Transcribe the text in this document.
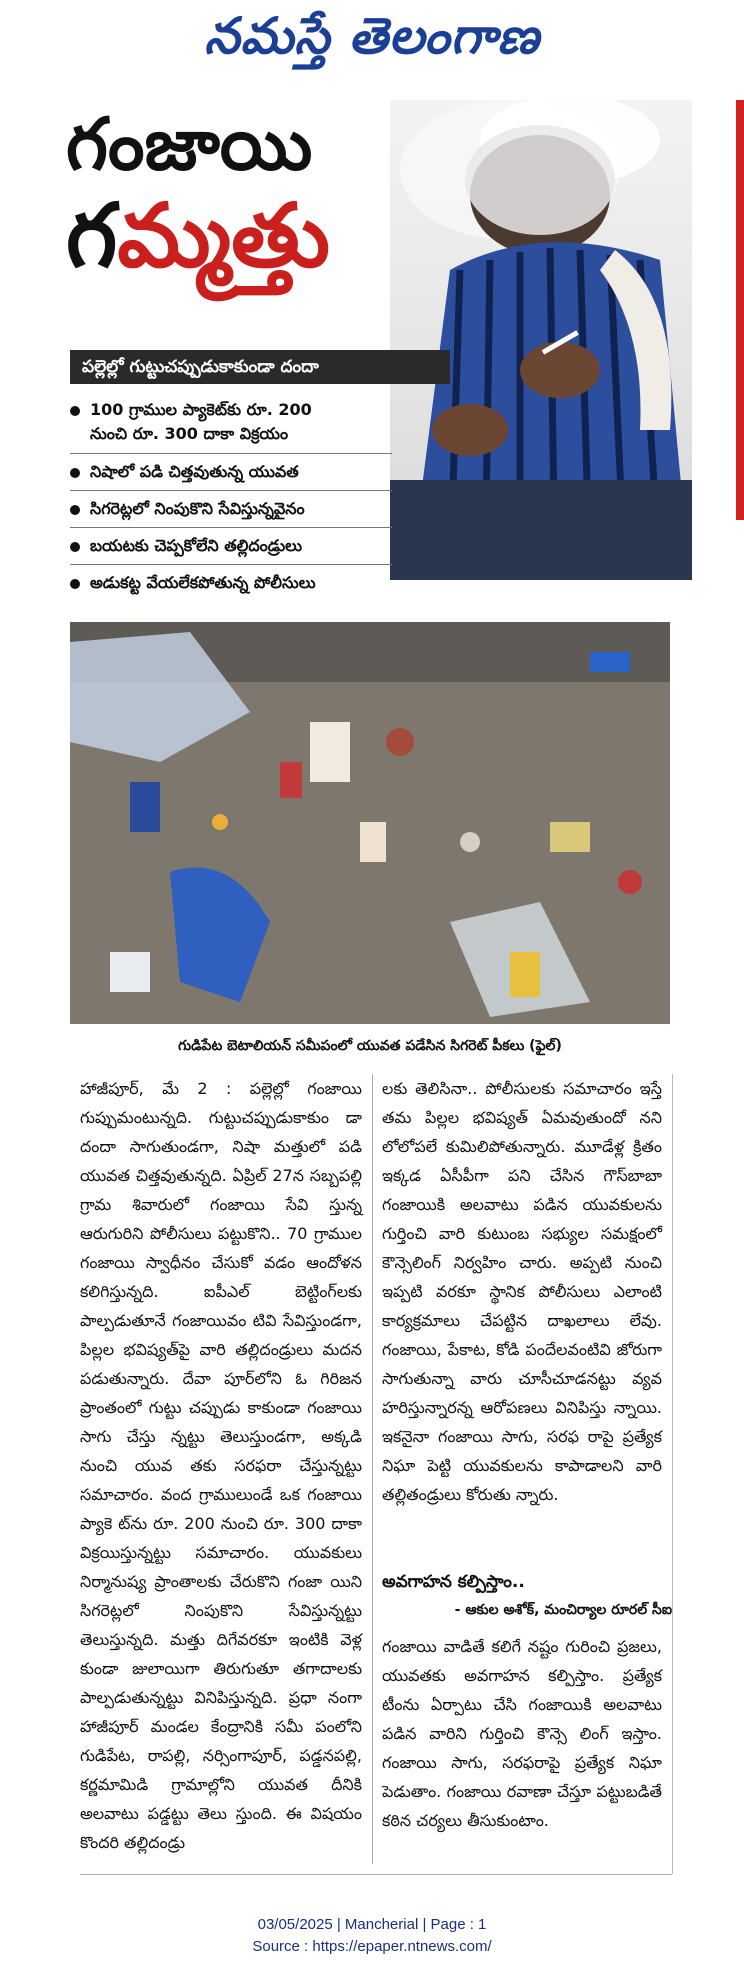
నమస్తే తెలంగాణ
గంజాయి
గమ్మత్తు
పల్లెల్లో గుట్టుచప్పుడుకాకుండా దందా
100 గ్రాముల ప్యాకెట్‌కు రూ. 200
నుంచి రూ. 300 దాకా విక్రయం
నిషాలో పడి చిత్తవుతున్న యువత
సిగరెట్లలో నింపుకొని సేవిస్తున్నవైనం
బయటకు చెప్పకోలేని తల్లిదండ్రులు
అడుకట్ట వేయలేకపోతున్న పోలీసులు
గుడిపేట బెటాలియన్ సమీపంలో యువత పడేసిన సిగరెట్ పీకలు (ఫైల్)
హాజీపూర్, మే 2 : పల్లెల్లో గంజాయి గుప్పుమంటున్నది. గుట్టుచప్పుడుకాకుం డా దందా సాగుతుండగా, నిషా మత్తులో పడి యువత చిత్తవుతున్నది. ఏప్రిల్ 27న సబ్బపల్లి గ్రామ శివారులో గంజాయి సేవి స్తున్న ఆరుగురిని పోలీసులు పట్టుకొని.. 70 గ్రాముల గంజాయి స్వాధీనం చేసుకో వడం ఆందోళన కలిగిస్తున్నది. ఐపీఎల్ బెట్టింగ్‌లకు పాల్పడుతూనే గంజాయివం టివి సేవిస్తుండగా, పిల్లల భవిష్యత్‌పై వారి తల్లిదండ్రులు మదన పడుతున్నారు. దేవా పూర్‌లోని ఓ గిరిజన ప్రాంతంలో గుట్టు చప్పుడు కాకుండా గంజాయి సాగు చేస్తు న్నట్టు తెలుస్తుండగా, అక్కడి నుంచి యువ తకు సరఫరా చేస్తున్నట్టు సమాచారం. వంద గ్రాములుండే ఒక గంజాయి ప్యాకె ట్‌ను రూ. 200 నుంచి రూ. 300 దాకా విక్రయిస్తున్నట్టు సమాచారం. యువకులు నిర్మానుష్య ప్రాంతాలకు చేరుకొని గంజా యిని సిగరెట్లలో నింపుకొని సేవిస్తున్నట్టు తెలుస్తున్నది. మత్తు దిగేవరకూ ఇంటికి వెళ్ల కుండా జులాయిగా తిరుగుతూ తగాదాలకు పాల్పడుతున్నట్టు వినిపిస్తున్నది. ప్రధా నంగా హాజీపూర్ మండల కేంద్రానికి సమీ పంలోని గుడిపేట, రాపల్లి, నర్సింగాపూర్, పడ్డనపల్లి, కర్ణమామిడి గ్రామాల్లోని యువత దీనికి అలవాటు పడ్డట్టు తెలు స్తుంది. ఈ విషయం కొందరి తల్లిదండ్రు
లకు తెలిసినా.. పోలీసులకు సమాచారం ఇస్తే తమ పిల్లల భవిష్యత్ ఏమవుతుందో నని లోలోపలే కుమిలిపోతున్నారు. మూడేళ్ల క్రితం ఇక్కడ ఏసీపీగా పని చేసిన గౌస్‌బాబా గంజాయికి అలవాటు పడిన యువకులను గుర్తించి వారి కుటుంబ సభ్యుల సమక్షంలో కౌన్సెలింగ్ నిర్వహిం చారు. అప్పటి నుంచి ఇప్పటి వరకూ స్థానిక పోలీసులు ఎలాంటి కార్యక్రమాలు చేపట్టిన దాఖలాలు లేవు. గంజాయి, పేకాట, కోడి పందేలవంటివి జోరుగా సాగుతున్నా వారు చూసీచూడనట్టు వ్యవ హరిస్తున్నారన్న ఆరోపణలు వినిపిస్తు న్నాయి. ఇకనైనా గంజాయి సాగు, సరఫ రాపై ప్రత్యేక నిఘా పెట్టి యువకులను కాపాడాలని వారి తల్లితండ్రులు కోరుతు న్నారు.
అవగాహన కల్పిస్తాం..
- ఆకుల అశోక్, మంచిర్యాల రూరల్ సీఐ
గంజాయి వాడితే కలిగే నష్టం గురించి ప్రజలు, యువతకు అవగాహన కల్పిస్తాం. ప్రత్యేక టీంను ఏర్పాటు చేసి గంజాయికి అలవాటు పడిన వారిని గుర్తించి కౌన్సె లింగ్ ఇస్తాం. గంజాయి సాగు, సరఫరాపై ప్రత్యేక నిఘా పెడుతాం. గంజాయి రవాణా చేస్తూ పట్టుబడితే కఠిన చర్యలు తీసుకుంటాం.
03/05/2025 | Mancherial | Page : 1
Source : https://epaper.ntnews.com/
